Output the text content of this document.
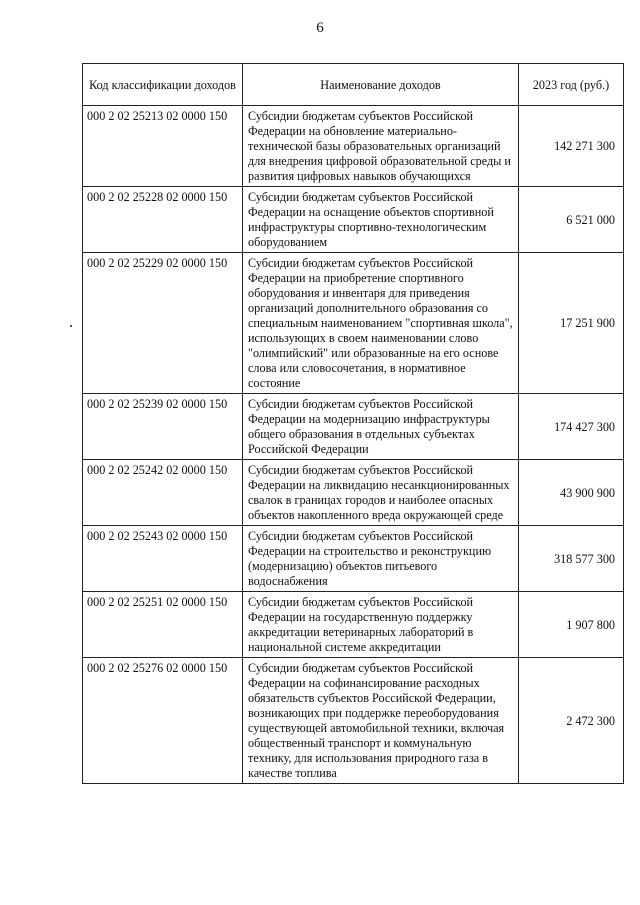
6
Код классификации доходов	Наименование доходов	2023 год (руб.)
000 2 02 25213 02 0000 150	Субсидии бюджетам субъектов Российской Федерации на обновление материально-технической базы образовательных организаций для внедрения цифровой образовательной среды и развития цифровых навыков обучающихся	142 271 300
000 2 02 25228 02 0000 150	Субсидии бюджетам субъектов Российской Федерации на оснащение объектов спортивной инфраструктуры спортивно-технологическим оборудованием	6 521 000
000 2 02 25229 02 0000 150	Субсидии бюджетам субъектов Российской Федерации на приобретение спортивного оборудования и инвентаря для приведения организаций дополнительного образования со специальным наименованием "спортивная школа", использующих в своем наименовании слово "олимпийский" или образованные на его основе слова или словосочетания, в нормативное состояние	17 251 900
000 2 02 25239 02 0000 150	Субсидии бюджетам субъектов Российской Федерации на модернизацию инфраструктуры общего образования в отдельных субъектах Российской Федерации	174 427 300
000 2 02 25242 02 0000 150	Субсидии бюджетам субъектов Российской Федерации на ликвидацию несанкционированных свалок в границах городов и наиболее опасных объектов накопленного вреда окружающей среде	43 900 900
000 2 02 25243 02 0000 150	Субсидии бюджетам субъектов Российской Федерации на строительство и реконструкцию (модернизацию) объектов питьевого водоснабжения	318 577 300
000 2 02 25251 02 0000 150	Субсидии бюджетам субъектов Российской Федерации на государственную поддержку аккредитации ветеринарных лабораторий в национальной системе аккредитации	1 907 800
000 2 02 25276 02 0000 150	Субсидии бюджетам субъектов Российской Федерации на софинансирование расходных обязательств субъектов Российской Федерации, возникающих при поддержке переоборудования существующей автомобильной техники, включая общественный транспорт и коммунальную технику, для использования природного газа в качестве топлива	2 472 300
